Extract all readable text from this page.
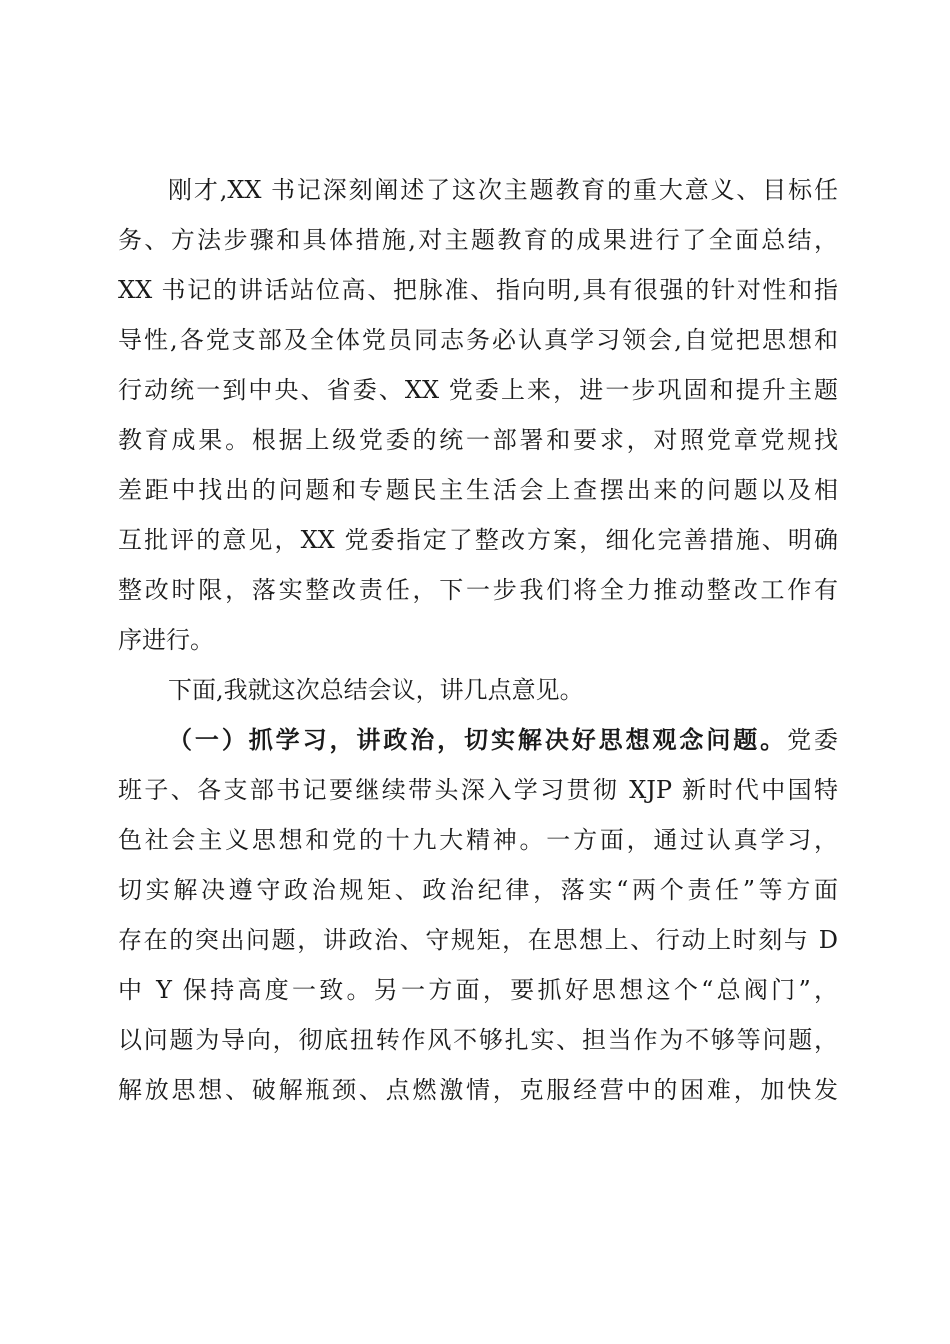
刚才,XX 书记深刻阐述了这次主题教育的重大意义、目标任
务、方法步骤和具体措施,对主题教育的成果进行了全面总结，
XX 书记的讲话站位高、把脉准、指向明,具有很强的针对性和指
导性,各党支部及全体党员同志务必认真学习领会,自觉把思想和
行动统一到中央、省委、XX 党委上来，进一步巩固和提升主题
教育成果。根据上级党委的统一部署和要求，对照党章党规找
差距中找出的问题和专题民主生活会上查摆出来的问题以及相
互批评的意见，XX 党委指定了整改方案，细化完善措施、明确
整改时限，落实整改责任，下一步我们将全力推动整改工作有
序进行。
下面,我就这次总结会议，讲几点意见。
（一）抓学习，讲政治，切实解决好思想观念问题。党委
班子、各支部书记要继续带头深入学习贯彻 XJP 新时代中国特
色社会主义思想和党的十九大精神。一方面，通过认真学习，
切实解决遵守政治规矩、政治纪律，落实“两个责任”等方面
存在的突出问题，讲政治、守规矩，在思想上、行动上时刻与 D
中 Y 保持高度一致。另一方面，要抓好思想这个“总阀门”，
以问题为导向，彻底扭转作风不够扎实、担当作为不够等问题，
解放思想、破解瓶颈、点燃激情，克服经营中的困难，加快发
